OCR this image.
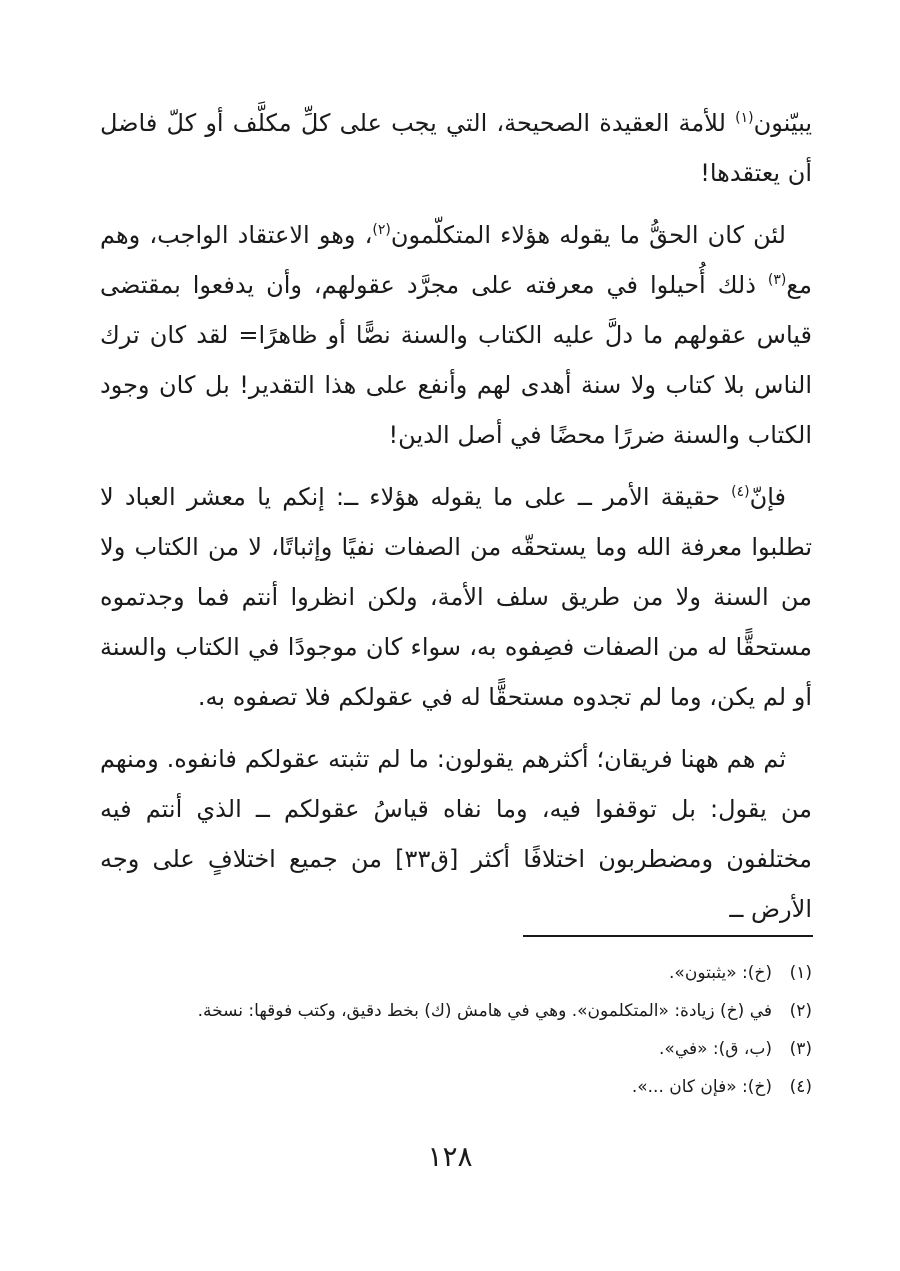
يبيّنون$^{(١)}$ للأمة العقيدة الصحيحة، التي يجب على كلِّ مكلَّف أو كلّ فاضل أن يعتقدها!

لئن كان الحقُّ ما يقوله هؤلاء المتكلّمون$^{(٢)}$، وهو الاعتقاد الواجب، وهم مع$^{(٣)}$ ذلك أُحيلوا في معرفته على مجرَّد عقولهم، وأن يدفعوا بمقتضى قياس عقولهم ما دلَّ عليه الكتاب والسنة نصًّا أو ظاهرًا= لقد كان ترك الناس بلا كتاب ولا سنة أهدى لهم وأنفع على هذا التقدير! بل كان وجود الكتاب والسنة ضررًا محضًا في أصل الدين!

فإنّ$^{(٤)}$ حقيقة الأمر ــ على ما يقوله هؤلاء ــ: إنكم يا معشر العباد لا تطلبوا معرفة الله وما يستحقّه من الصفات نفيًا وإثباتًا، لا من الكتاب ولا من السنة ولا من طريق سلف الأمة، ولكن انظروا أنتم فما وجدتموه مستحقًّا له من الصفات فصِفوه به، سواء كان موجودًا في الكتاب والسنة أو لم يكن، وما لم تجدوه مستحقًّا له في عقولكم فلا تصفوه به.

ثم هم ههنا فريقان؛ أكثرهم يقولون: ما لم تثبته عقولكم فانفوه. ومنهم من يقول: بل توقفوا فيه، وما نفاه قياسُ عقولكم ــ الذي أنتم فيه مختلفون ومضطربون اختلافًا أكثر [ق٣٣] من جميع اختلافٍ على وجه الأرض ــ

(١)(خ): «يثبتون».

(٢)في (خ) زيادة: «المتكلمون». وهي في هامش (ك) بخط دقيق، وكتب فوقها: نسخة.

(٣)(ب، ق): «في».

(٤)(خ): «فإن كان ...».

١٢٨
